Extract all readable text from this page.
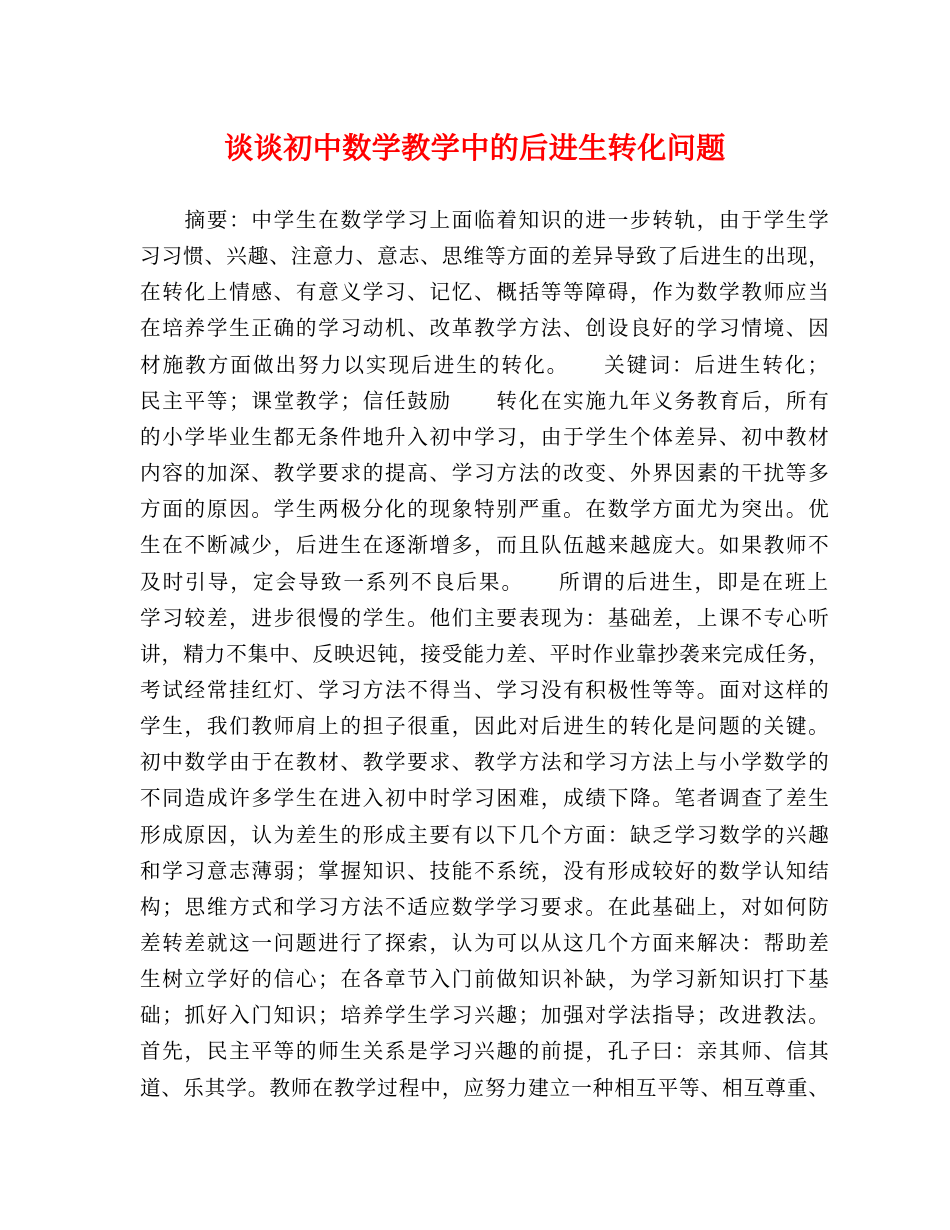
谈谈初中数学教学中的后进生转化问题
　　摘要：中学生在数学学习上面临着知识的进一步转轨，由于学生学
习习惯、兴趣、注意力、意志、思维等方面的差异导致了后进生的出现，
在转化上情感、有意义学习、记忆、概括等等障碍，作为数学教师应当
在培养学生正确的学习动机、改革教学方法、创设良好的学习情境、因
材施教方面做出努力以实现后进生的转化。　　关键词：后进生转化；
民主平等；课堂教学；信任鼓励　　转化在实施九年义务教育后，所有
的小学毕业生都无条件地升入初中学习，由于学生个体差异、初中教材
内容的加深、教学要求的提高、学习方法的改变、外界因素的干扰等多
方面的原因。学生两极分化的现象特别严重。在数学方面尤为突出。优
生在不断减少，后进生在逐渐增多，而且队伍越来越庞大。如果教师不
及时引导，定会导致一系列不良后果。　　所谓的后进生，即是在班上
学习较差，进步很慢的学生。他们主要表现为：基础差，上课不专心听
讲，精力不集中、反映迟钝，接受能力差、平时作业靠抄袭来完成任务，
考试经常挂红灯、学习方法不得当、学习没有积极性等等。面对这样的
学生，我们教师肩上的担子很重，因此对后进生的转化是问题的关键。
初中数学由于在教材、教学要求、教学方法和学习方法上与小学数学的
不同造成许多学生在进入初中时学习困难，成绩下降。笔者调查了差生
形成原因，认为差生的形成主要有以下几个方面：缺乏学习数学的兴趣
和学习意志薄弱；掌握知识、技能不系统，没有形成较好的数学认知结
构；思维方式和学习方法不适应数学学习要求。在此基础上，对如何防
差转差就这一问题进行了探索，认为可以从这几个方面来解决：帮助差
生树立学好的信心；在各章节入门前做知识补缺，为学习新知识打下基
础；抓好入门知识；培养学生学习兴趣；加强对学法指导；改进教法。
首先，民主平等的师生关系是学习兴趣的前提，孔子曰：亲其师、信其
道、乐其学。教师在教学过程中，应努力建立一种相互平等、相互尊重、
